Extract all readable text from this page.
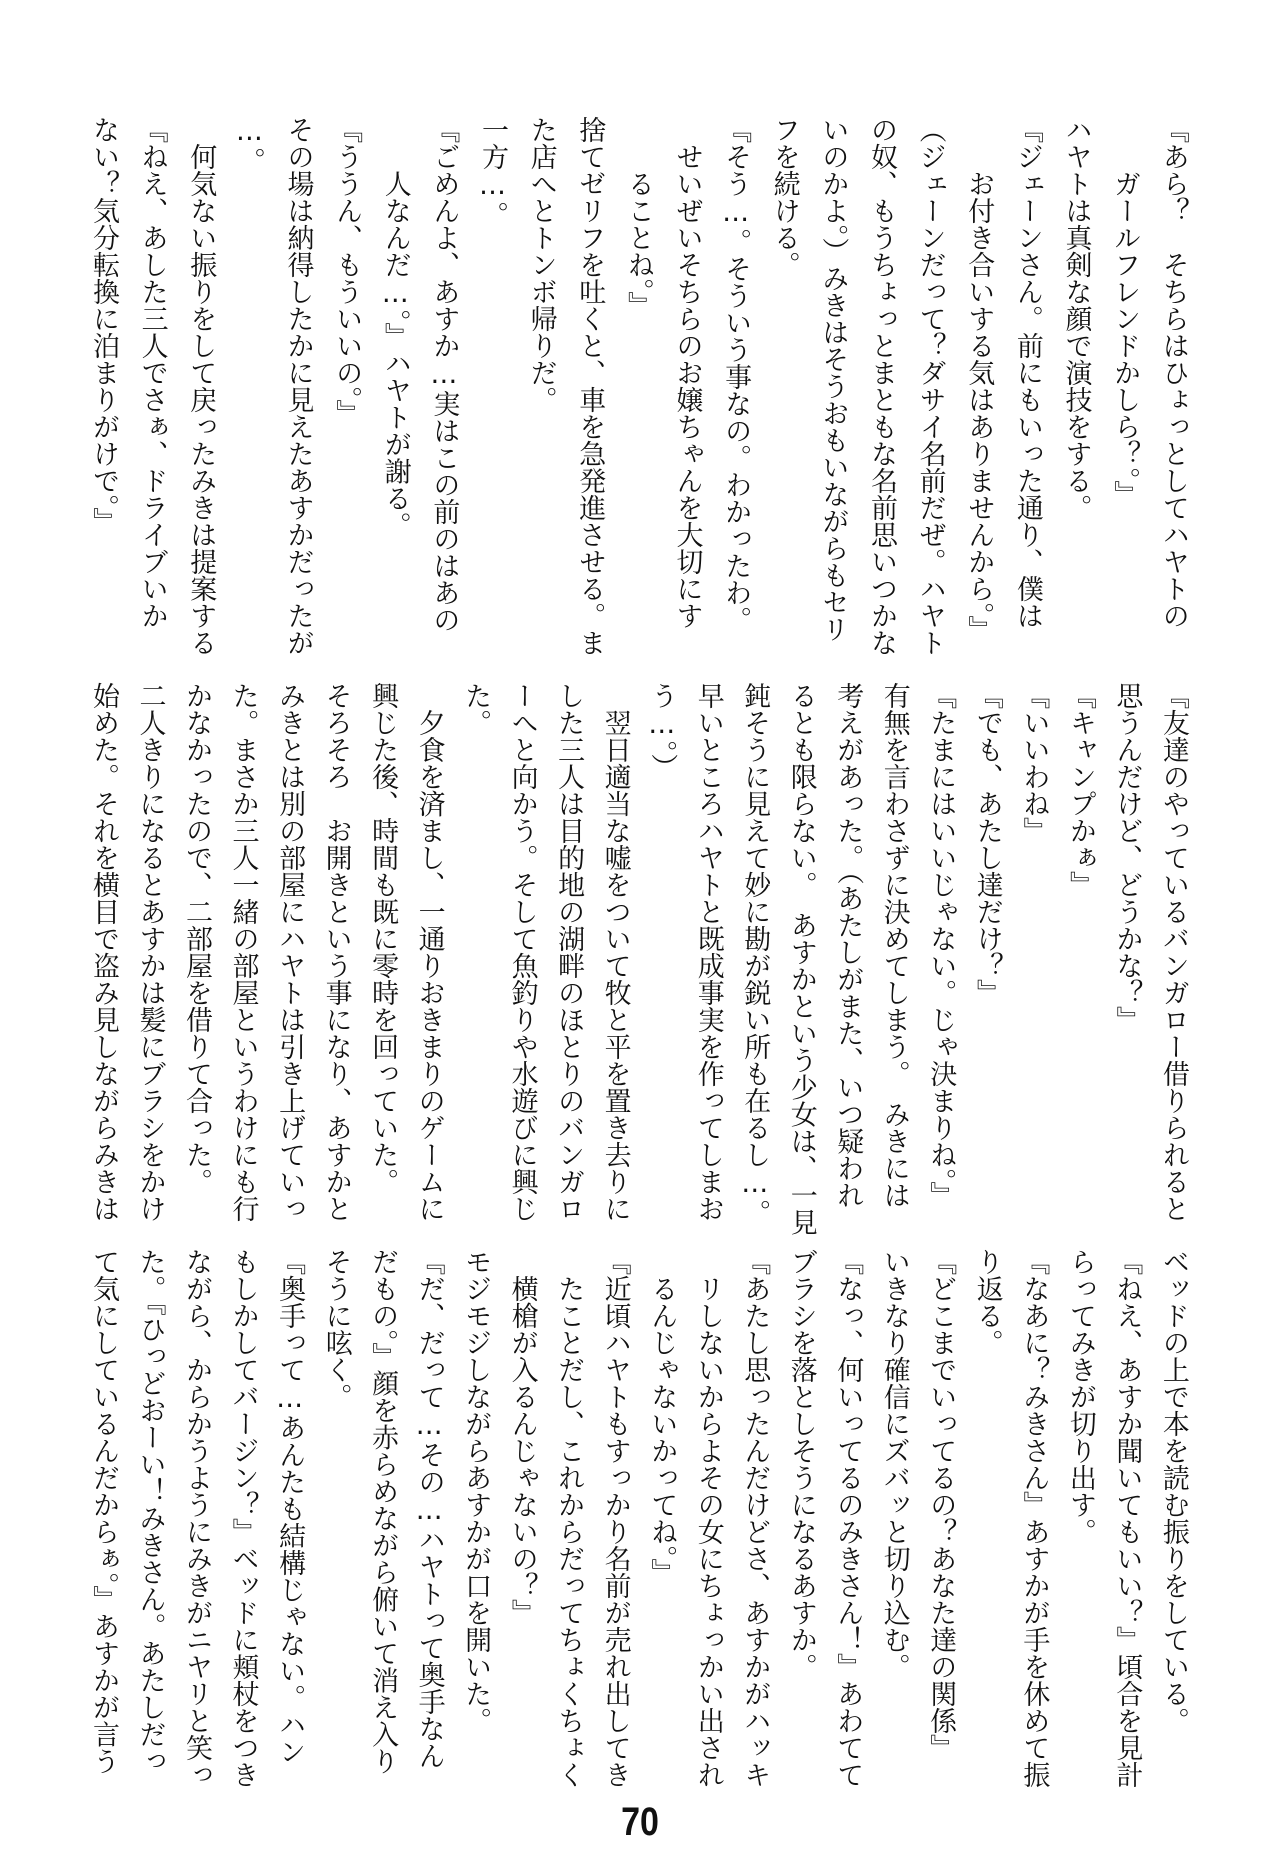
『あら？　そちらはひょっとしてハヤトの
　　ガールフレンドかしら？。』
ハヤトは真剣な顔で演技をする。
『ジェーンさん。前にもいった通り、僕は
　　お付き合いする気はありませんから。』
（ジェーンだって？ダサイ名前だぜ。ハヤト
の奴、もうちょっとまともな名前思いつかな
いのかよ。）みきはそうおもいながらもセリ
フを続ける。
『そう…。そういう事なの。わかったわ。
　せいぜいそちらのお嬢ちゃんを大切にす
　　ることね。』
捨てゼリフを吐くと、車を急発進させる。ま
た店へとトンボ帰りだ。
一方…。
『ごめんよ、あすか…実はこの前のはあの
　　人なんだ…。』ハヤトが謝る。
『ううん、もういいの。』
その場は納得したかに見えたあすかだったが
…。
　何気ない振りをして戻ったみきは提案する
『ねえ、あした三人でさぁ、ドライブいか
ない？気分転換に泊まりがけで。』
『友達のやっているバンガロー借りられると
思うんだけど、どうかな？』
『キャンプかぁ』
『いいわね』
『でも、あたし達だけ？』
『たまにはいいじゃない。じゃ決まりね。』
有無を言わさずに決めてしまう。　みきには
考えがあった。（あたしがまた、いつ疑われ
るとも限らない。　あすかという少女は、一見
鈍そうに見えて妙に勘が鋭い所も在るし…。
早いところハヤトと既成事実を作ってしまお
う…。）
　翌日適当な嘘をついて牧と平を置き去りに
した三人は目的地の湖畔のほとりのバンガロ
ーへと向かう。そして魚釣りや水遊びに興じ
た。
　夕食を済まし、一通りおきまりのゲームに
興じた後、時間も既に零時を回っていた。
そろそろ　お開きという事になり、あすかと
みきとは別の部屋にハヤトは引き上げていっ
た。まさか三人一緒の部屋というわけにも行
かなかったので、二部屋を借りて合った。
二人きりになるとあすかは髪にブラシをかけ
始めた。それを横目で盗み見しながらみきは
ベッドの上で本を読む振りをしている。
『ねえ、あすか聞いてもいい？』頃合を見計
らってみきが切り出す。
『なあに？みきさん』あすかが手を休めて振
り返る。
『どこまでいってるの？あなた達の関係』
いきなり確信にズバッと切り込む。
『なっ、何いってるのみきさん！』あわてて
ブラシを落としそうになるあすか。
『あたし思ったんだけどさ、あすかがハッキ
　リしないからよその女にちょっかい出され
　るんじゃないかってね。』
『近頃ハヤトもすっかり名前が売れ出してき
　たことだし、これからだってちょくちょく
　横槍が入るんじゃないの？』
モジモジしながらあすかが口を開いた。
『だ、だって…その…ハヤトって奥手なん
だもの。』顔を赤らめながら俯いて消え入り
そうに呟く。
『奥手って…あんたも結構じゃない。ハン
もしかしてバージン？』ベッドに頬杖をつき
ながら、からかうようにみきがニヤリと笑っ
た。『ひっどおーい！みきさん。あたしだっ
て気にしているんだからぁ。』あすかが言う
70
